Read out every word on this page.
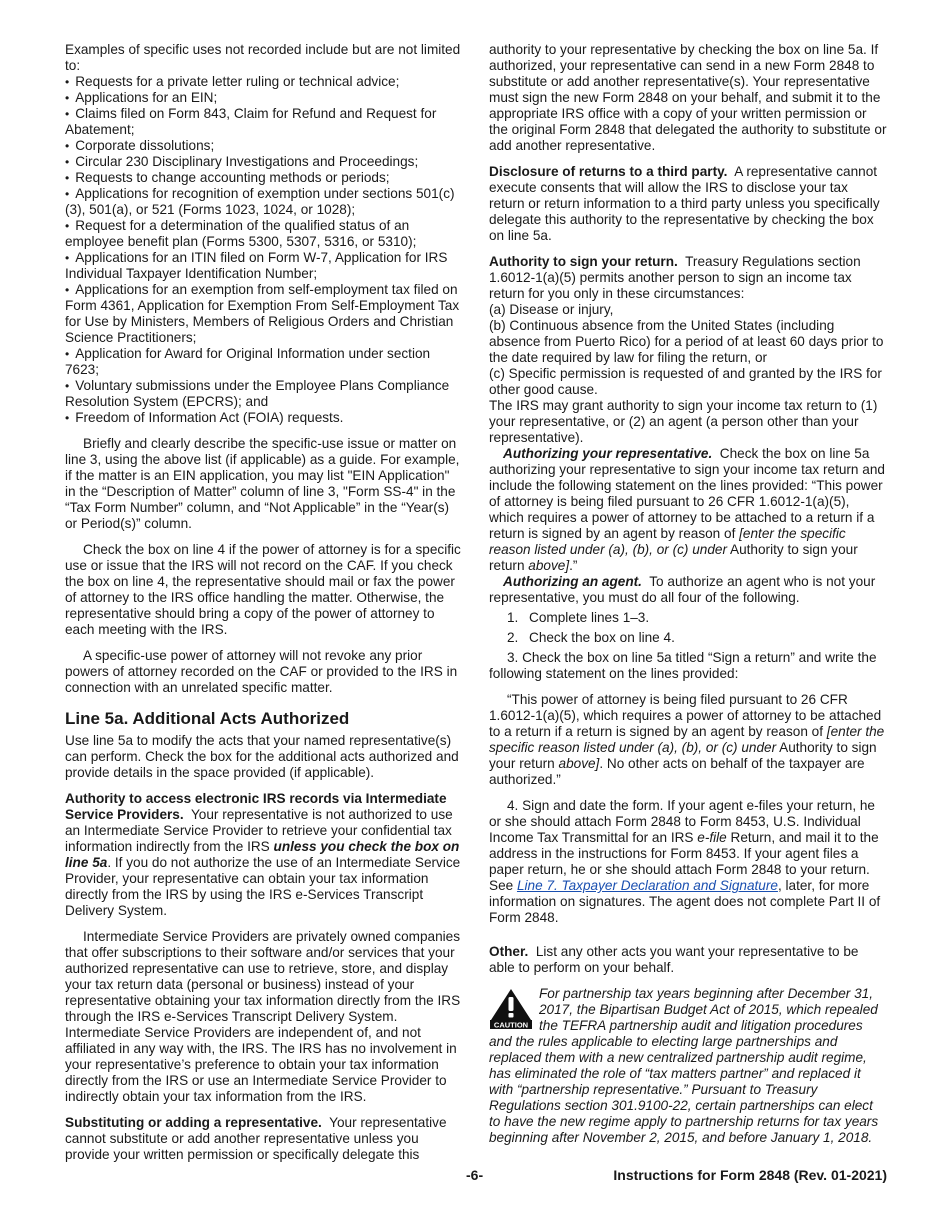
Examples of specific uses not recorded include but are not limited to:

• Requests for a private letter ruling or technical advice;

• Applications for an EIN;

• Claims filed on Form 843, Claim for Refund and Request for Abatement;

• Corporate dissolutions;

• Circular 230 Disciplinary Investigations and Proceedings;

• Requests to change accounting methods or periods;

• Applications for recognition of exemption under sections 501(c)(3), 501(a), or 521 (Forms 1023, 1024, or 1028);

• Request for a determination of the qualified status of an employee benefit plan (Forms 5300, 5307, 5316, or 5310);

• Applications for an ITIN filed on Form W-7, Application for IRS Individual Taxpayer Identification Number;

• Applications for an exemption from self-employment tax filed on Form 4361, Application for Exemption From Self-Employment Tax for Use by Ministers, Members of Religious Orders and Christian Science Practitioners;

• Application for Award for Original Information under section 7623;

• Voluntary submissions under the Employee Plans Compliance Resolution System (EPCRS); and

• Freedom of Information Act (FOIA) requests.

Briefly and clearly describe the specific-use issue or matter on line 3, using the above list (if applicable) as a guide. For example, if the matter is an EIN application, you may list "EIN Application" in the “Description of Matter” column of line 3, "Form SS-4" in the “Tax Form Number” column, and “Not Applicable” in the “Year(s) or Period(s)” column.

Check the box on line 4 if the power of attorney is for a specific use or issue that the IRS will not record on the CAF. If you check the box on line 4, the representative should mail or fax the power of attorney to the IRS office handling the matter. Otherwise, the representative should bring a copy of the power of attorney to each meeting with the IRS.

A specific-use power of attorney will not revoke any prior powers of attorney recorded on the CAF or provided to the IRS in connection with an unrelated specific matter.

Line 5a. Additional Acts Authorized

Use line 5a to modify the acts that your named representative(s) can perform. Check the box for the additional acts authorized and provide details in the space provided (if applicable).

Authority to access electronic IRS records via Intermediate Service Providers. Your representative is not authorized to use an Intermediate Service Provider to retrieve your confidential tax information indirectly from the IRS unless you check the box on line 5a. If you do not authorize the use of an Intermediate Service Provider, your representative can obtain your tax information directly from the IRS by using the IRS e-Services Transcript Delivery System.

Intermediate Service Providers are privately owned companies that offer subscriptions to their software and/or services that your authorized representative can use to retrieve, store, and display your tax return data (personal or business) instead of your representative obtaining your tax information directly from the IRS through the IRS e-Services Transcript Delivery System. Intermediate Service Providers are independent of, and not affiliated in any way with, the IRS. The IRS has no involvement in your representative’s preference to obtain your tax information directly from the IRS or use an Intermediate Service Provider to indirectly obtain your tax information from the IRS.

Substituting or adding a representative. Your representative cannot substitute or add another representative unless you provide your written permission or specifically delegate this

authority to your representative by checking the box on line 5a. If authorized, your representative can send in a new Form 2848 to substitute or add another representative(s). Your representative must sign the new Form 2848 on your behalf, and submit it to the appropriate IRS office with a copy of your written permission or the original Form 2848 that delegated the authority to substitute or add another representative.

Disclosure of returns to a third party. A representative cannot execute consents that will allow the IRS to disclose your tax return or return information to a third party unless you specifically delegate this authority to the representative by checking the box on line 5a.

Authority to sign your return. Treasury Regulations section 1.6012-1(a)(5) permits another person to sign an income tax return for you only in these circumstances:

(a) Disease or injury,

(b) Continuous absence from the United States (including absence from Puerto Rico) for a period of at least 60 days prior to the date required by law for filing the return, or

(c) Specific permission is requested of and granted by the IRS for other good cause.

The IRS may grant authority to sign your income tax return to (1) your representative, or (2) an agent (a person other than your representative).

Authorizing your representative. Check the box on line 5a authorizing your representative to sign your income tax return and include the following statement on the lines provided: “This power of attorney is being filed pursuant to 26 CFR 1.6012-1(a)(5), which requires a power of attorney to be attached to a return if a return is signed by an agent by reason of [enter the specific reason listed under (a), (b), or (c) under Authority to sign your return above].”

Authorizing an agent. To authorize an agent who is not your representative, you must do all four of the following.

1. Complete lines 1–3.

2. Check the box on line 4.

3. Check the box on line 5a titled “Sign a return” and write the following statement on the lines provided:

“This power of attorney is being filed pursuant to 26 CFR 1.6012-1(a)(5), which requires a power of attorney to be attached to a return if a return is signed by an agent by reason of [enter the specific reason listed under (a), (b), or (c) under Authority to sign your return above]. No other acts on behalf of the taxpayer are authorized.”

4. Sign and date the form. If your agent e-files your return, he or she should attach Form 2848 to Form 8453, U.S. Individual Income Tax Transmittal for an IRS e-file Return, and mail it to the address in the instructions for Form 8453. If your agent files a paper return, he or she should attach Form 2848 to your return. See Line 7. Taxpayer Declaration and Signature, later, for more information on signatures. The agent does not complete Part II of Form 2848.

Other. List any other acts you want your representative to be able to perform on your behalf.

CAUTION

For partnership tax years beginning after December 31, 2017, the Bipartisan Budget Act of 2015, which repealed the TEFRA partnership audit and litigation procedures and the rules applicable to electing large partnerships and replaced them with a new centralized partnership audit regime, has eliminated the role of “tax matters partner” and replaced it with “partnership representative.” Pursuant to Treasury Regulations section 301.9100-22, certain partnerships can elect to have the new regime apply to partnership returns for tax years beginning after November 2, 2015, and before January 1, 2018.

-6-	Instructions for Form 2848 (Rev. 01-2021)
